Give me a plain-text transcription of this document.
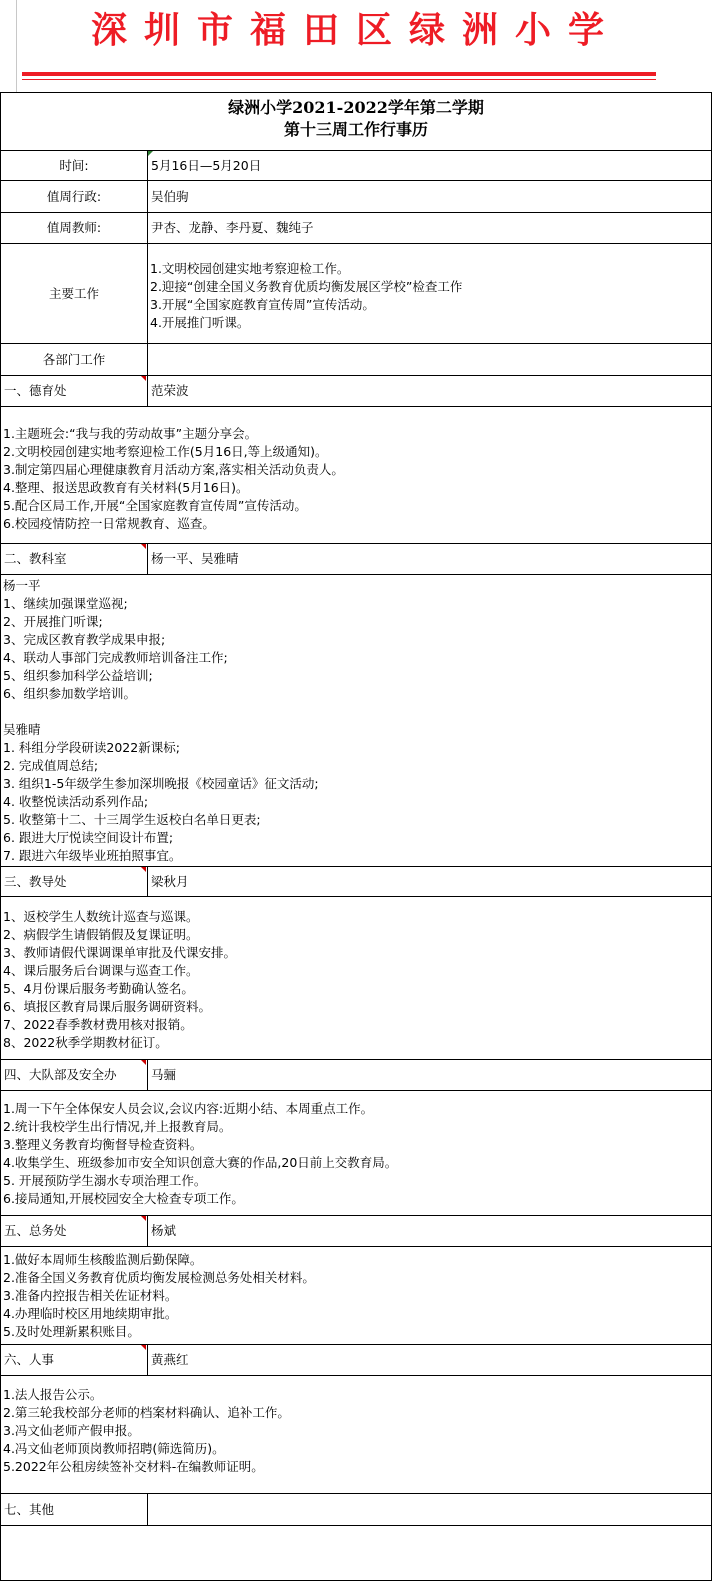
深圳市福田区绿洲小学
绿洲小学2021-2022学年第二学期
第十三周工作行事历
时间:	5月16日—5月20日
值周行政:	吴伯驹
值周教师:	尹杏、龙静、李丹夏、魏纯子
主要工作
1.文明校园创建实地考察迎检工作。
2.迎接“创建全国义务教育优质均衡发展区学校”检查工作
3.开展“全国家庭教育宣传周”宣传活动。
4.开展推门听课。
各部门工作
一、德育处	范荣波
1.主题班会:“我与我的劳动故事”主题分享会。
2.文明校园创建实地考察迎检工作(5月16日,等上级通知)。
3.制定第四届心理健康教育月活动方案,落实相关活动负责人。
4.整理、报送思政教育有关材料(5月16日)。
5.配合区局工作,开展“全国家庭教育宣传周”宣传活动。
6.校园疫情防控一日常规教育、巡查。
二、教科室	杨一平、吴雅晴
杨一平
1、继续加强课堂巡视;
2、开展推门听课;
3、完成区教育教学成果申报;
4、联动人事部门完成教师培训备注工作;
5、组织参加科学公益培训;
6、组织参加数学培训。

吴雅晴
1. 科组分学段研读2022新课标;
2. 完成值周总结;
3. 组织1-5年级学生参加深圳晚报《校园童话》征文活动;
4. 收整悦读活动系列作品;
5. 收整第十二、十三周学生返校白名单日更表;
6. 跟进大厅悦读空间设计布置;
7. 跟进六年级毕业班拍照事宜。
三、教导处	梁秋月
1、返校学生人数统计巡查与巡课。
2、病假学生请假销假及复课证明。
3、教师请假代课调课单审批及代课安排。
4、课后服务后台调课与巡查工作。
5、4月份课后服务考勤确认签名。
6、填报区教育局课后服务调研资料。
7、2022春季教材费用核对报销。
8、2022秋季学期教材征订。
四、大队部及安全办	马骊
1.周一下午全体保安人员会议,会议内容:近期小结、本周重点工作。
2.统计我校学生出行情况,并上报教育局。
3.整理义务教育均衡督导检查资料。
4.收集学生、班级参加市安全知识创意大赛的作品,20日前上交教育局。
5. 开展预防学生溺水专项治理工作。
6.接局通知,开展校园安全大检查专项工作。
五、总务处	杨斌
1.做好本周师生核酸监测后勤保障。
2.准备全国义务教育优质均衡发展检测总务处相关材料。
3.准备内控报告相关佐证材料。
4.办理临时校区用地续期审批。
5.及时处理新累积账目。
六、人事	黄燕红
1.法人报告公示。
2.第三轮我校部分老师的档案材料确认、追补工作。
3.冯文仙老师产假申报。
4.冯文仙老师顶岗教师招聘(筛选简历)。
5.2022年公租房续签补交材料-在编教师证明。
七、其他
